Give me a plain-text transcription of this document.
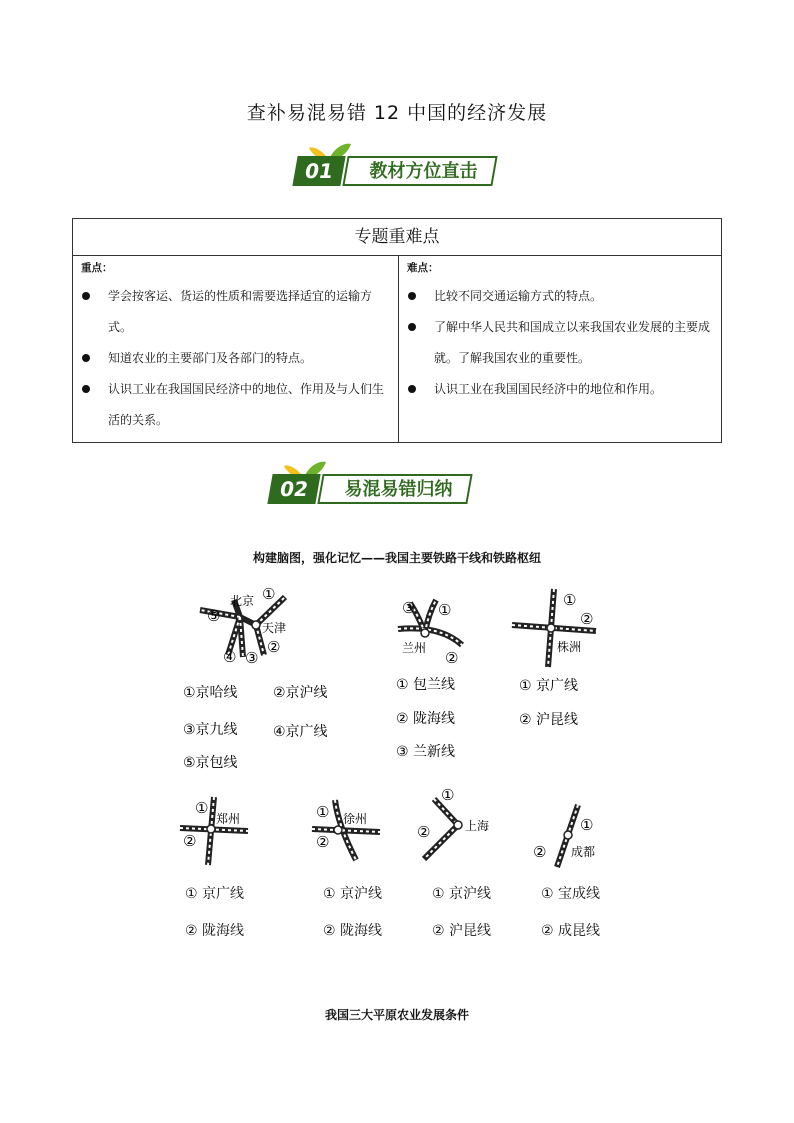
查补易混易错 12 中国的经济发展
01	教材方位直击
专题重难点

重点：
学会按客运、货运的性质和需要选择适宜的运输方式。
知道农业的主要部门及各部门的特点。
认识工业在我国国民经济中的地位、作用及与人们生活的关系。

难点：
比较不同交通运输方式的特点。
了解中华人民共和国成立以来我国农业发展的主要成就。了解我国农业的重要性。
认识工业在我国国民经济中的地位和作用。
02	易混易错归纳
构建脑图，强化记忆——我国主要铁路干线和铁路枢纽
北京
天津
①
②
③
④
⑤
①京哈线	②京沪线
③京九线	④京广线
⑤京包线
③ ①
兰州
②
① 包兰线
② 陇海线
③ 兰新线
①
②
株洲
① 京广线
② 沪昆线
①
郑州
②
① 徐州
②
①
上海
②	①
② 成都
① 京广线
② 陇海线
① 京沪线
② 陇海线
① 京沪线
② 沪昆线
① 宝成线
② 成昆线
我国三大平原农业发展条件
